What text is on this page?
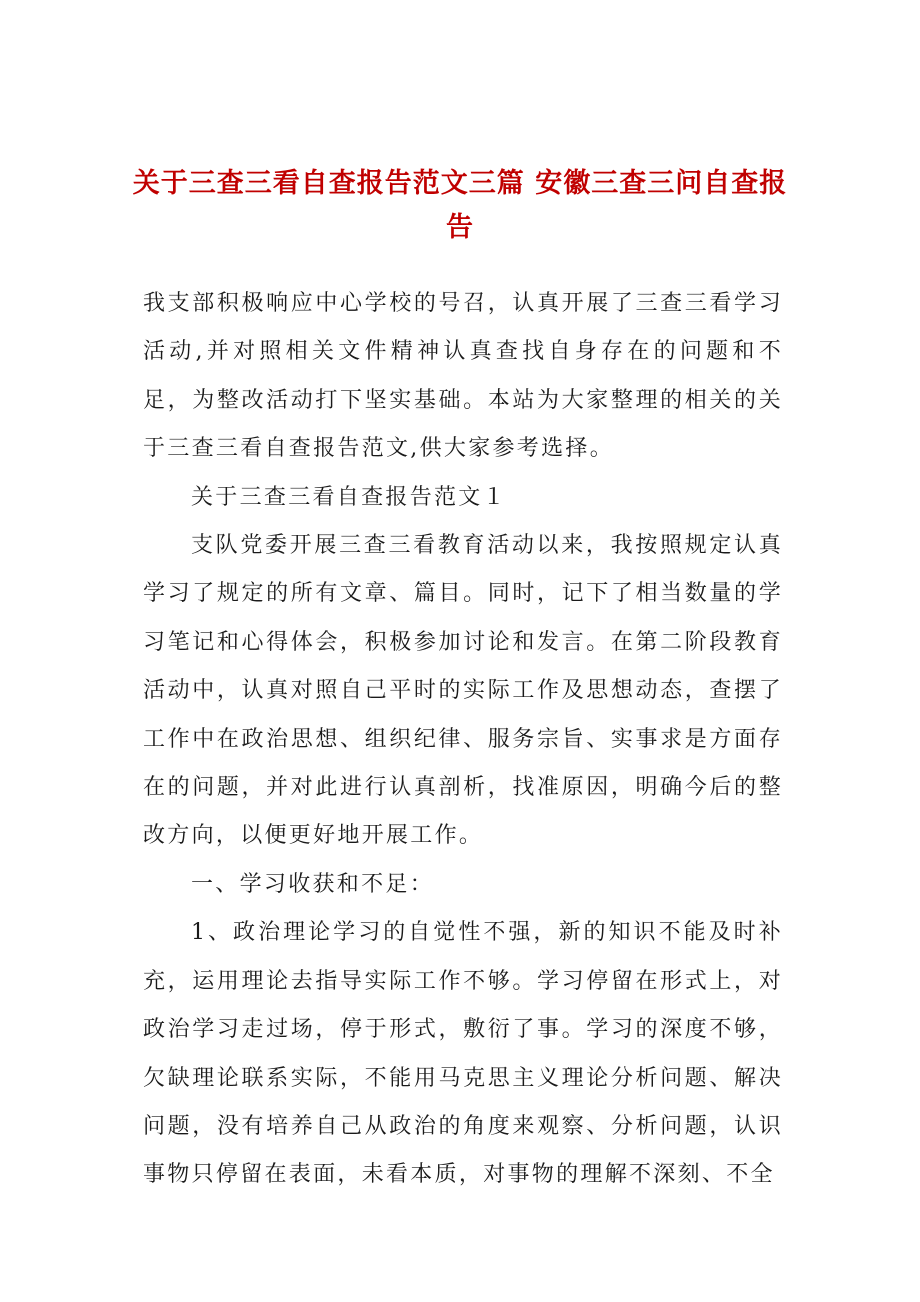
关于三查三看自查报告范文三篇 安徽三查三问自查报告

我支部积极响应中心学校的号召，认真开展了三查三看学习活动,并对照相关文件精神认真查找自身存在的问题和不足，为整改活动打下坚实基础。本站为大家整理的相关的关于三查三看自查报告范文,供大家参考选择。

关于三查三看自查报告范文１

支队党委开展三查三看教育活动以来，我按照规定认真学习了规定的所有文章、篇目。同时，记下了相当数量的学习笔记和心得体会，积极参加讨论和发言。在第二阶段教育活动中，认真对照自己平时的实际工作及思想动态，查摆了工作中在政治思想、组织纪律、服务宗旨、实事求是方面存在的问题，并对此进行认真剖析，找准原因，明确今后的整改方向，以便更好地开展工作。

一、学习收获和不足：

1、政治理论学习的自觉性不强，新的知识不能及时补充，运用理论去指导实际工作不够。学习停留在形式上，对政治学习走过场，停于形式，敷衍了事。学习的深度不够，欠缺理论联系实际，不能用马克思主义理论分析问题、解决问题，没有培养自己从政治的角度来观察、分析问题，认识事物只停留在表面，未看本质，对事物的理解不深刻、不全
